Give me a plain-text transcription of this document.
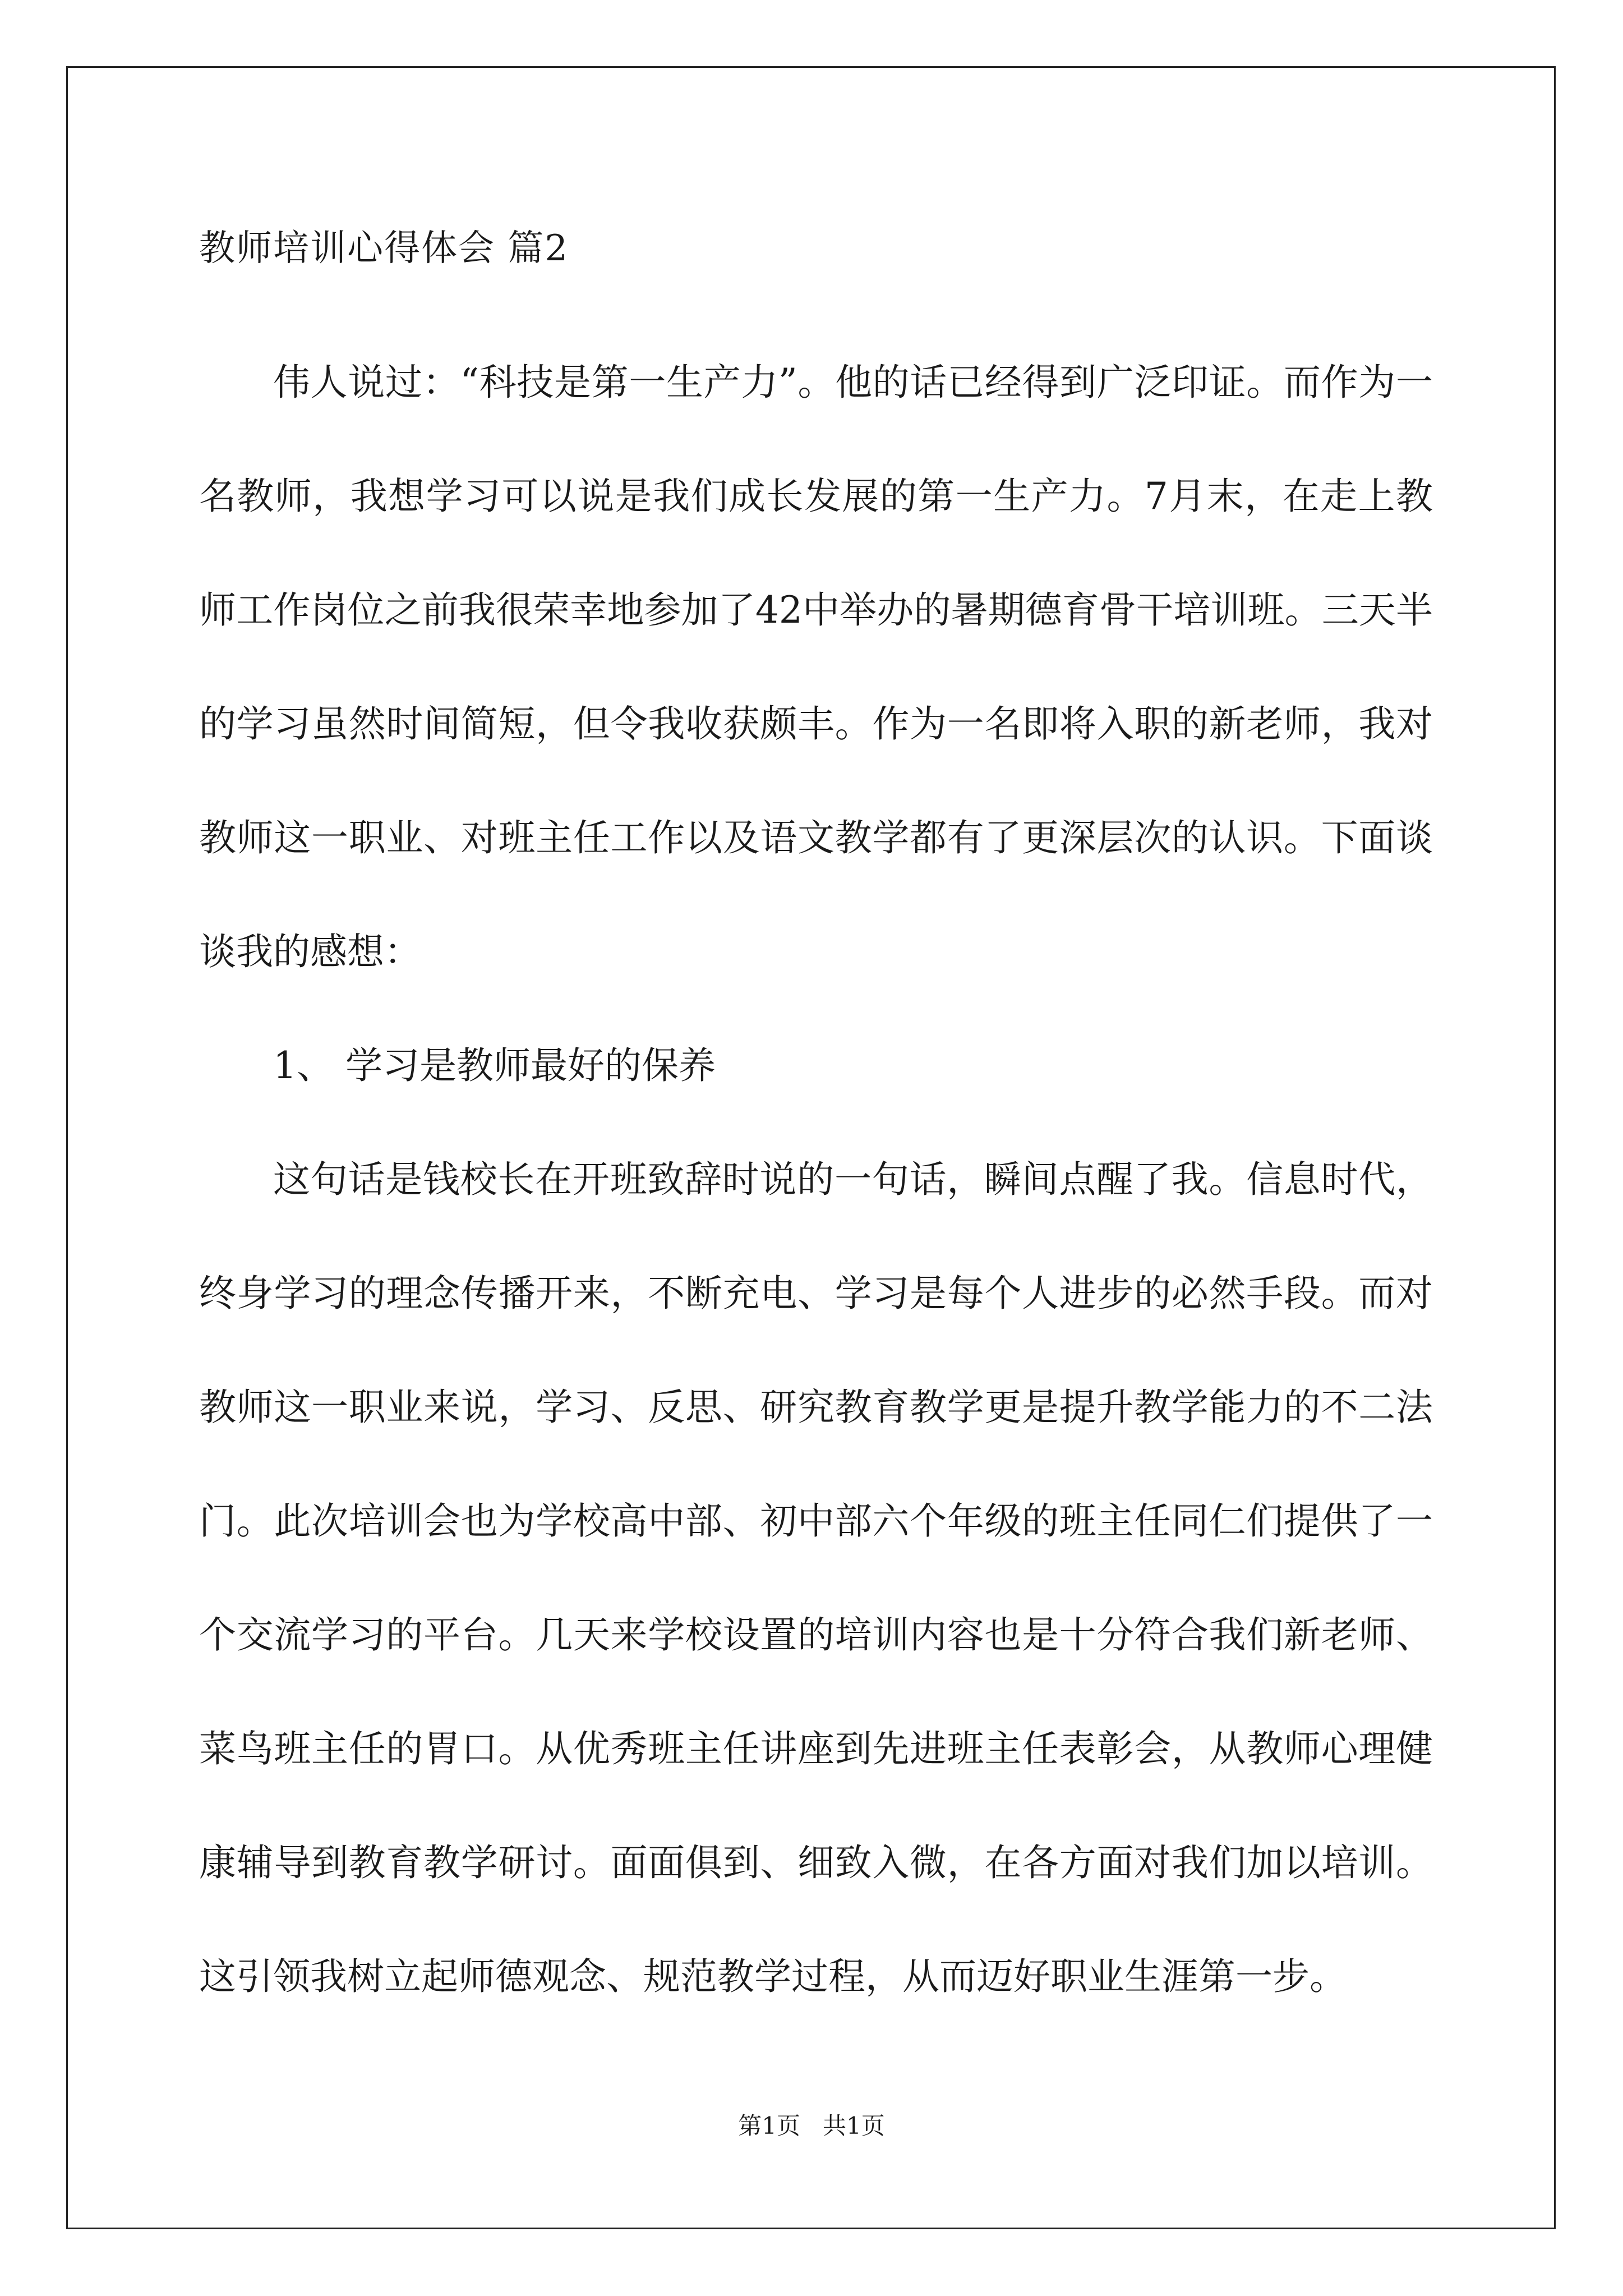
教师培训心得体会 篇2

伟人说过：“科技是第一生产力”。他的话已经得到广泛印证。而作为一名教师，我想学习可以说是我们成长发展的第一生产力。7月末，在走上教师工作岗位之前我很荣幸地参加了42中举办的暑期德育骨干培训班。三天半的学习虽然时间简短，但令我收获颇丰。作为一名即将入职的新老师，我对教师这一职业、对班主任工作以及语文教学都有了更深层次的认识。下面谈谈我的感想：

1、 学习是教师最好的保养

这句话是钱校长在开班致辞时说的一句话，瞬间点醒了我。信息时代，终身学习的理念传播开来，不断充电、学习是每个人进步的必然手段。而对教师这一职业来说，学习、反思、研究教育教学更是提升教学能力的不二法门。此次培训会也为学校高中部、初中部六个年级的班主任同仁们提供了一个交流学习的平台。几天来学校设置的培训内容也是十分符合我们新老师、菜鸟班主任的胃口。从优秀班主任讲座到先进班主任表彰会，从教师心理健康辅导到教育教学研讨。面面俱到、细致入微，在各方面对我们加以培训。这引领我树立起师德观念、规范教学过程，从而迈好职业生涯第一步。

第1页   共1页
